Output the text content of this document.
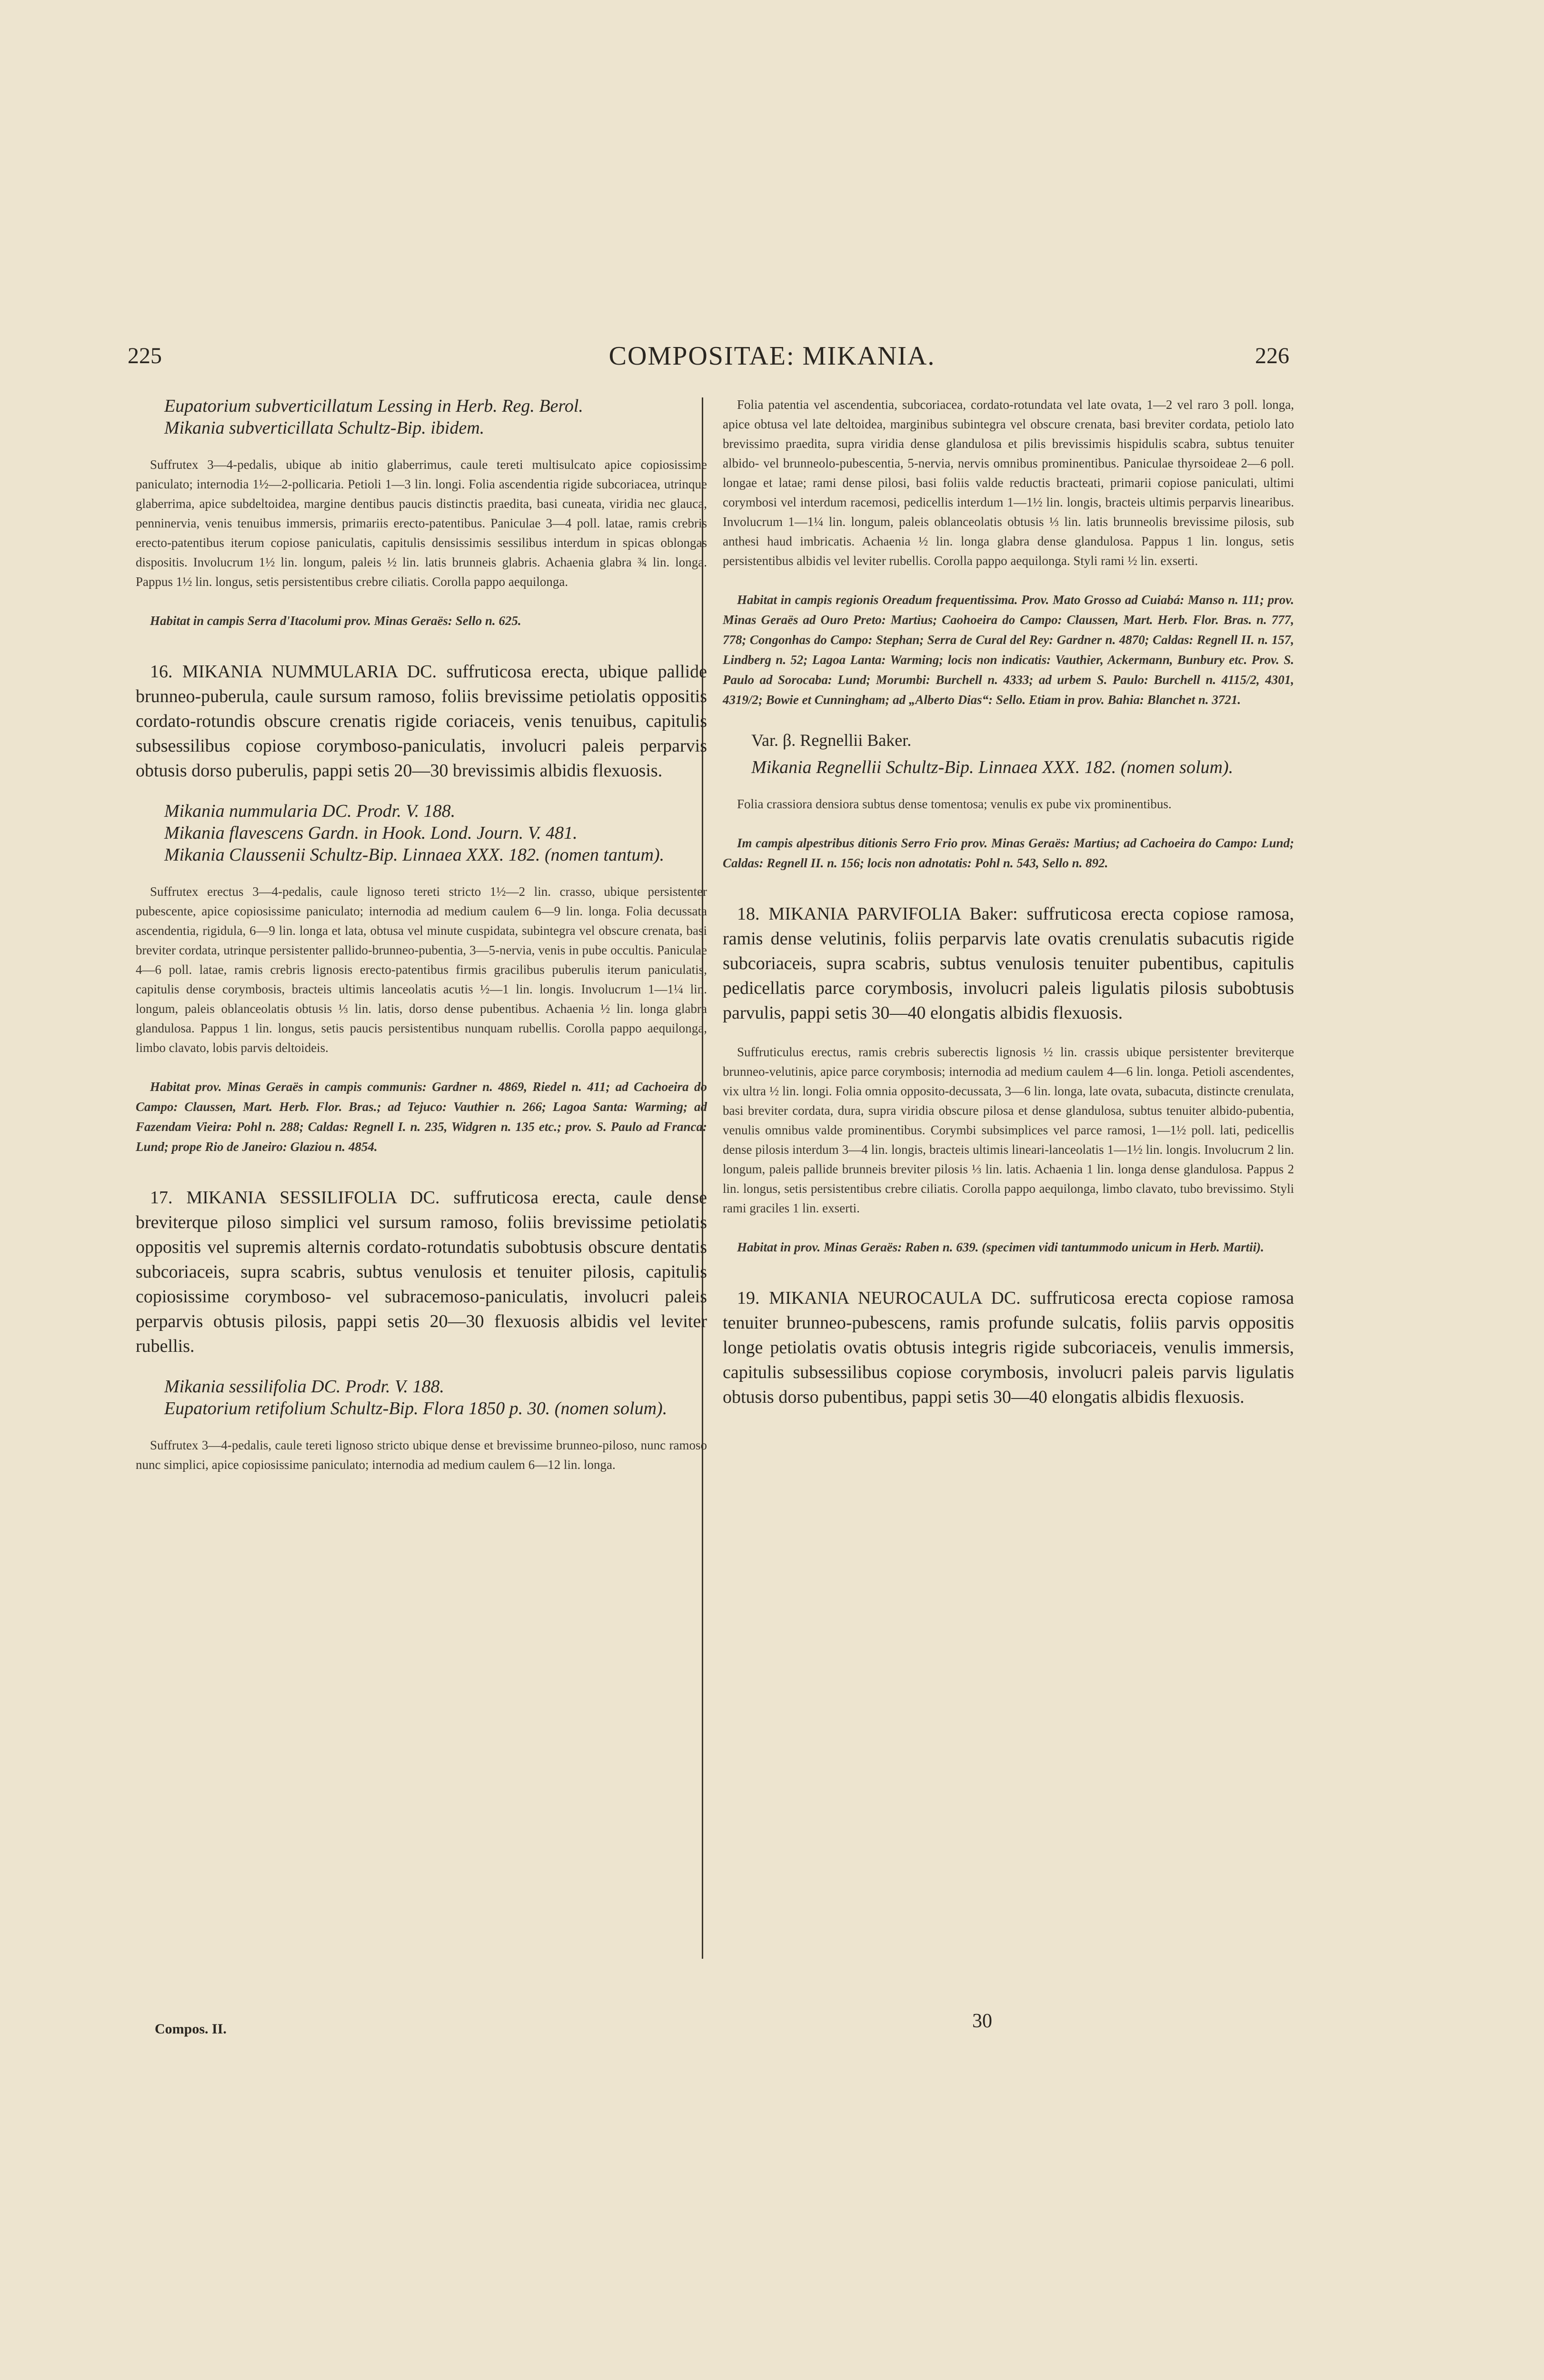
225	COMPOSITAE: MIKANIA.	226

Eupatorium subverticillatum Lessing in Herb. Reg. Berol.

Mikania subverticillata Schultz-Bip. ibidem.

Suffrutex 3—4-pedalis, ubique ab initio glaberrimus, caule tereti multisulcato apice copiosissime paniculato; internodia 1½—2-pollicaria. Petioli 1—3 lin. longi. Folia ascendentia rigide subcoriacea, utrinque glaberrima, apice subdeltoidea, margine dentibus paucis distinctis praedita, basi cuneata, viridia nec glauca, penninervia, venis tenuibus immersis, primariis erecto-patentibus. Paniculae 3—4 poll. latae, ramis crebris erecto-patentibus iterum copiose paniculatis, capitulis densissimis sessilibus interdum in spicas oblongas dispositis. Involucrum 1½ lin. longum, paleis ½ lin. latis brunneis glabris. Achaenia glabra ¾ lin. longa. Pappus 1½ lin. longus, setis persistentibus crebre ciliatis. Corolla pappo aequilonga.

Habitat in campis Serra d'Itacolumi prov. Minas Geraës: Sello n. 625.

16. MIKANIA NUMMULARIA DC. suffruticosa erecta, ubique pallide brunneo-puberula, caule sursum ramoso, foliis brevissime petiolatis oppositis cordato-rotundis obscure crenatis rigide coriaceis, venis tenuibus, capitulis subsessilibus copiose corymboso-paniculatis, involucri paleis perparvis obtusis dorso puberulis, pappi setis 20—30 brevissimis albidis flexuosis.

Mikania nummularia DC. Prodr. V. 188.

Mikania flavescens Gardn. in Hook. Lond. Journ. V. 481.

Mikania Claussenii Schultz-Bip. Linnaea XXX. 182. (nomen tantum).

Suffrutex erectus 3—4-pedalis, caule lignoso tereti stricto 1½—2 lin. crasso, ubique persistenter pubescente, apice copiosissime paniculato; internodia ad medium caulem 6—9 lin. longa. Folia decussata ascendentia, rigidula, 6—9 lin. longa et lata, obtusa vel minute cuspidata, subintegra vel obscure crenata, basi breviter cordata, utrinque persistenter pallido-brunneo-pubentia, 3—5-nervia, venis in pube occultis. Paniculae 4—6 poll. latae, ramis crebris lignosis erecto-patentibus firmis gracilibus puberulis iterum paniculatis, capitulis dense corymbosis, bracteis ultimis lanceolatis acutis ½—1 lin. longis. Involucrum 1—1¼ lin. longum, paleis oblanceolatis obtusis ⅓ lin. latis, dorso dense pubentibus. Achaenia ½ lin. longa glabra glandulosa. Pappus 1 lin. longus, setis paucis persistentibus nunquam rubellis. Corolla pappo aequilonga, limbo clavato, lobis parvis deltoideis.

Habitat prov. Minas Geraës in campis communis: Gardner n. 4869, Riedel n. 411; ad Cachoeira do Campo: Claussen, Mart. Herb. Flor. Bras.; ad Tejuco: Vauthier n. 266; Lagoa Santa: Warming; ad Fazendam Vieira: Pohl n. 288; Caldas: Regnell I. n. 235, Widgren n. 135 etc.; prov. S. Paulo ad Franca: Lund; prope Rio de Janeiro: Glaziou n. 4854.

17. MIKANIA SESSILIFOLIA DC. suffruticosa erecta, caule dense breviterque piloso simplici vel sursum ramoso, foliis brevissime petiolatis oppositis vel supremis alternis cordato-rotundatis subobtusis obscure dentatis subcoriaceis, supra scabris, subtus venulosis et tenuiter pilosis, capitulis copiosissime corymboso- vel subracemoso-paniculatis, involucri paleis perparvis obtusis pilosis, pappi setis 20—30 flexuosis albidis vel leviter rubellis.

Mikania sessilifolia DC. Prodr. V. 188.

Eupatorium retifolium Schultz-Bip. Flora 1850 p. 30. (nomen solum).

Suffrutex 3—4-pedalis, caule tereti lignoso stricto ubique dense et brevissime brunneo-piloso, nunc ramoso nunc simplici, apice copiosissime paniculato; internodia ad medium caulem 6—12 lin. longa.

Folia patentia vel ascendentia, subcoriacea, cordato-rotundata vel late ovata, 1—2 vel raro 3 poll. longa, apice obtusa vel late deltoidea, marginibus subintegra vel obscure crenata, basi breviter cordata, petiolo lato brevissimo praedita, supra viridia dense glandulosa et pilis brevissimis hispidulis scabra, subtus tenuiter albido- vel brunneolo-pubescentia, 5-nervia, nervis omnibus prominentibus. Paniculae thyrsoideae 2—6 poll. longae et latae; rami dense pilosi, basi foliis valde reductis bracteati, primarii copiose paniculati, ultimi corymbosi vel interdum racemosi, pedicellis interdum 1—1½ lin. longis, bracteis ultimis perparvis linearibus. Involucrum 1—1¼ lin. longum, paleis oblanceolatis obtusis ⅓ lin. latis brunneolis brevissime pilosis, sub anthesi haud imbricatis. Achaenia ½ lin. longa glabra dense glandulosa. Pappus 1 lin. longus, setis persistentibus albidis vel leviter rubellis. Corolla pappo aequilonga. Styli rami ½ lin. exserti.

Habitat in campis regionis Oreadum frequentissima. Prov. Mato Grosso ad Cuiabá: Manso n. 111; prov. Minas Geraës ad Ouro Preto: Martius; Caohoeira do Campo: Claussen, Mart. Herb. Flor. Bras. n. 777, 778; Congonhas do Campo: Stephan; Serra de Cural del Rey: Gardner n. 4870; Caldas: Regnell II. n. 157, Lindberg n. 52; Lagoa Lanta: Warming; locis non indicatis: Vauthier, Ackermann, Bunbury etc. Prov. S. Paulo ad Sorocaba: Lund; Morumbi: Burchell n. 4333; ad urbem S. Paulo: Burchell n. 4115/2, 4301, 4319/2; Bowie et Cunningham; ad „Alberto Dias“: Sello. Etiam in prov. Bahia: Blanchet n. 3721.

Var. β. Regnellii Baker.

Mikania Regnellii Schultz-Bip. Linnaea XXX. 182. (nomen solum).

Folia crassiora densiora subtus dense tomentosa; venulis ex pube vix prominentibus.

Im campis alpestribus ditionis Serro Frio prov. Minas Geraës: Martius; ad Cachoeira do Campo: Lund; Caldas: Regnell II. n. 156; locis non adnotatis: Pohl n. 543, Sello n. 892.

18. MIKANIA PARVIFOLIA Baker: suffruticosa erecta copiose ramosa, ramis dense velutinis, foliis perparvis late ovatis crenulatis subacutis rigide subcoriaceis, supra scabris, subtus venulosis tenuiter pubentibus, capitulis pedicellatis parce corymbosis, involucri paleis ligulatis pilosis subobtusis parvulis, pappi setis 30—40 elongatis albidis flexuosis.

Suffruticulus erectus, ramis crebris suberectis lignosis ½ lin. crassis ubique persistenter breviterque brunneo-velutinis, apice parce corymbosis; internodia ad medium caulem 4—6 lin. longa. Petioli ascendentes, vix ultra ½ lin. longi. Folia omnia opposito-decussata, 3—6 lin. longa, late ovata, subacuta, distincte crenulata, basi breviter cordata, dura, supra viridia obscure pilosa et dense glandulosa, subtus tenuiter albido-pubentia, venulis omnibus valde prominentibus. Corymbi subsimplices vel parce ramosi, 1—1½ poll. lati, pedicellis dense pilosis interdum 3—4 lin. longis, bracteis ultimis lineari-lanceolatis 1—1½ lin. longis. Involucrum 2 lin. longum, paleis pallide brunneis breviter pilosis ⅓ lin. latis. Achaenia 1 lin. longa dense glandulosa. Pappus 2 lin. longus, setis persistentibus crebre ciliatis. Corolla pappo aequilonga, limbo clavato, tubo brevissimo. Styli rami graciles 1 lin. exserti.

Habitat in prov. Minas Geraës: Raben n. 639. (specimen vidi tantummodo unicum in Herb. Martii).

19. MIKANIA NEUROCAULA DC. suffruticosa erecta copiose ramosa tenuiter brunneo-pubescens, ramis profunde sulcatis, foliis parvis oppositis longe petiolatis ovatis obtusis integris rigide subcoriaceis, venulis immersis, capitulis subsessilibus copiose corymbosis, involucri paleis parvis ligulatis obtusis dorso pubentibus, pappi setis 30—40 elongatis albidis flexuosis.

Compos. II.	30
